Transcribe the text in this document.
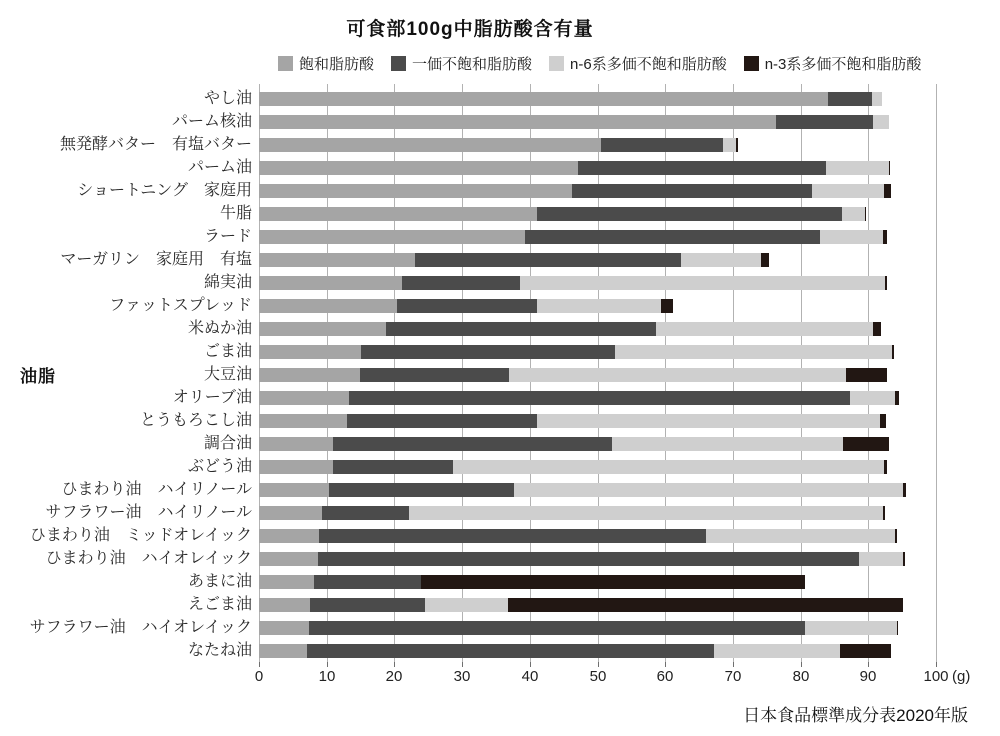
可食部100g中脂肪酸含有量
飽和脂肪酸	一価不飽和脂肪酸	n-6系多価不飽和脂肪酸	n-3系多価不飽和脂肪酸
油脂
やし油
パーム核油
無発酵バター　有塩バター
パーム油
ショートニング　家庭用
牛脂
ラード
マーガリン　家庭用　有塩
綿実油
ファットスプレッド
米ぬか油
ごま油
大豆油
オリーブ油
とうもろこし油
調合油
ぶどう油
ひまわり油　ハイリノール
サフラワー油　ハイリノール
ひまわり油　ミッドオレイック
ひまわり油　ハイオレイック
あまに油
えごま油
サフラワー油　ハイオレイック
なたね油
0	10	20	30	40	50	60	70	80	90	100 (g)
日本食品標準成分表2020年版
